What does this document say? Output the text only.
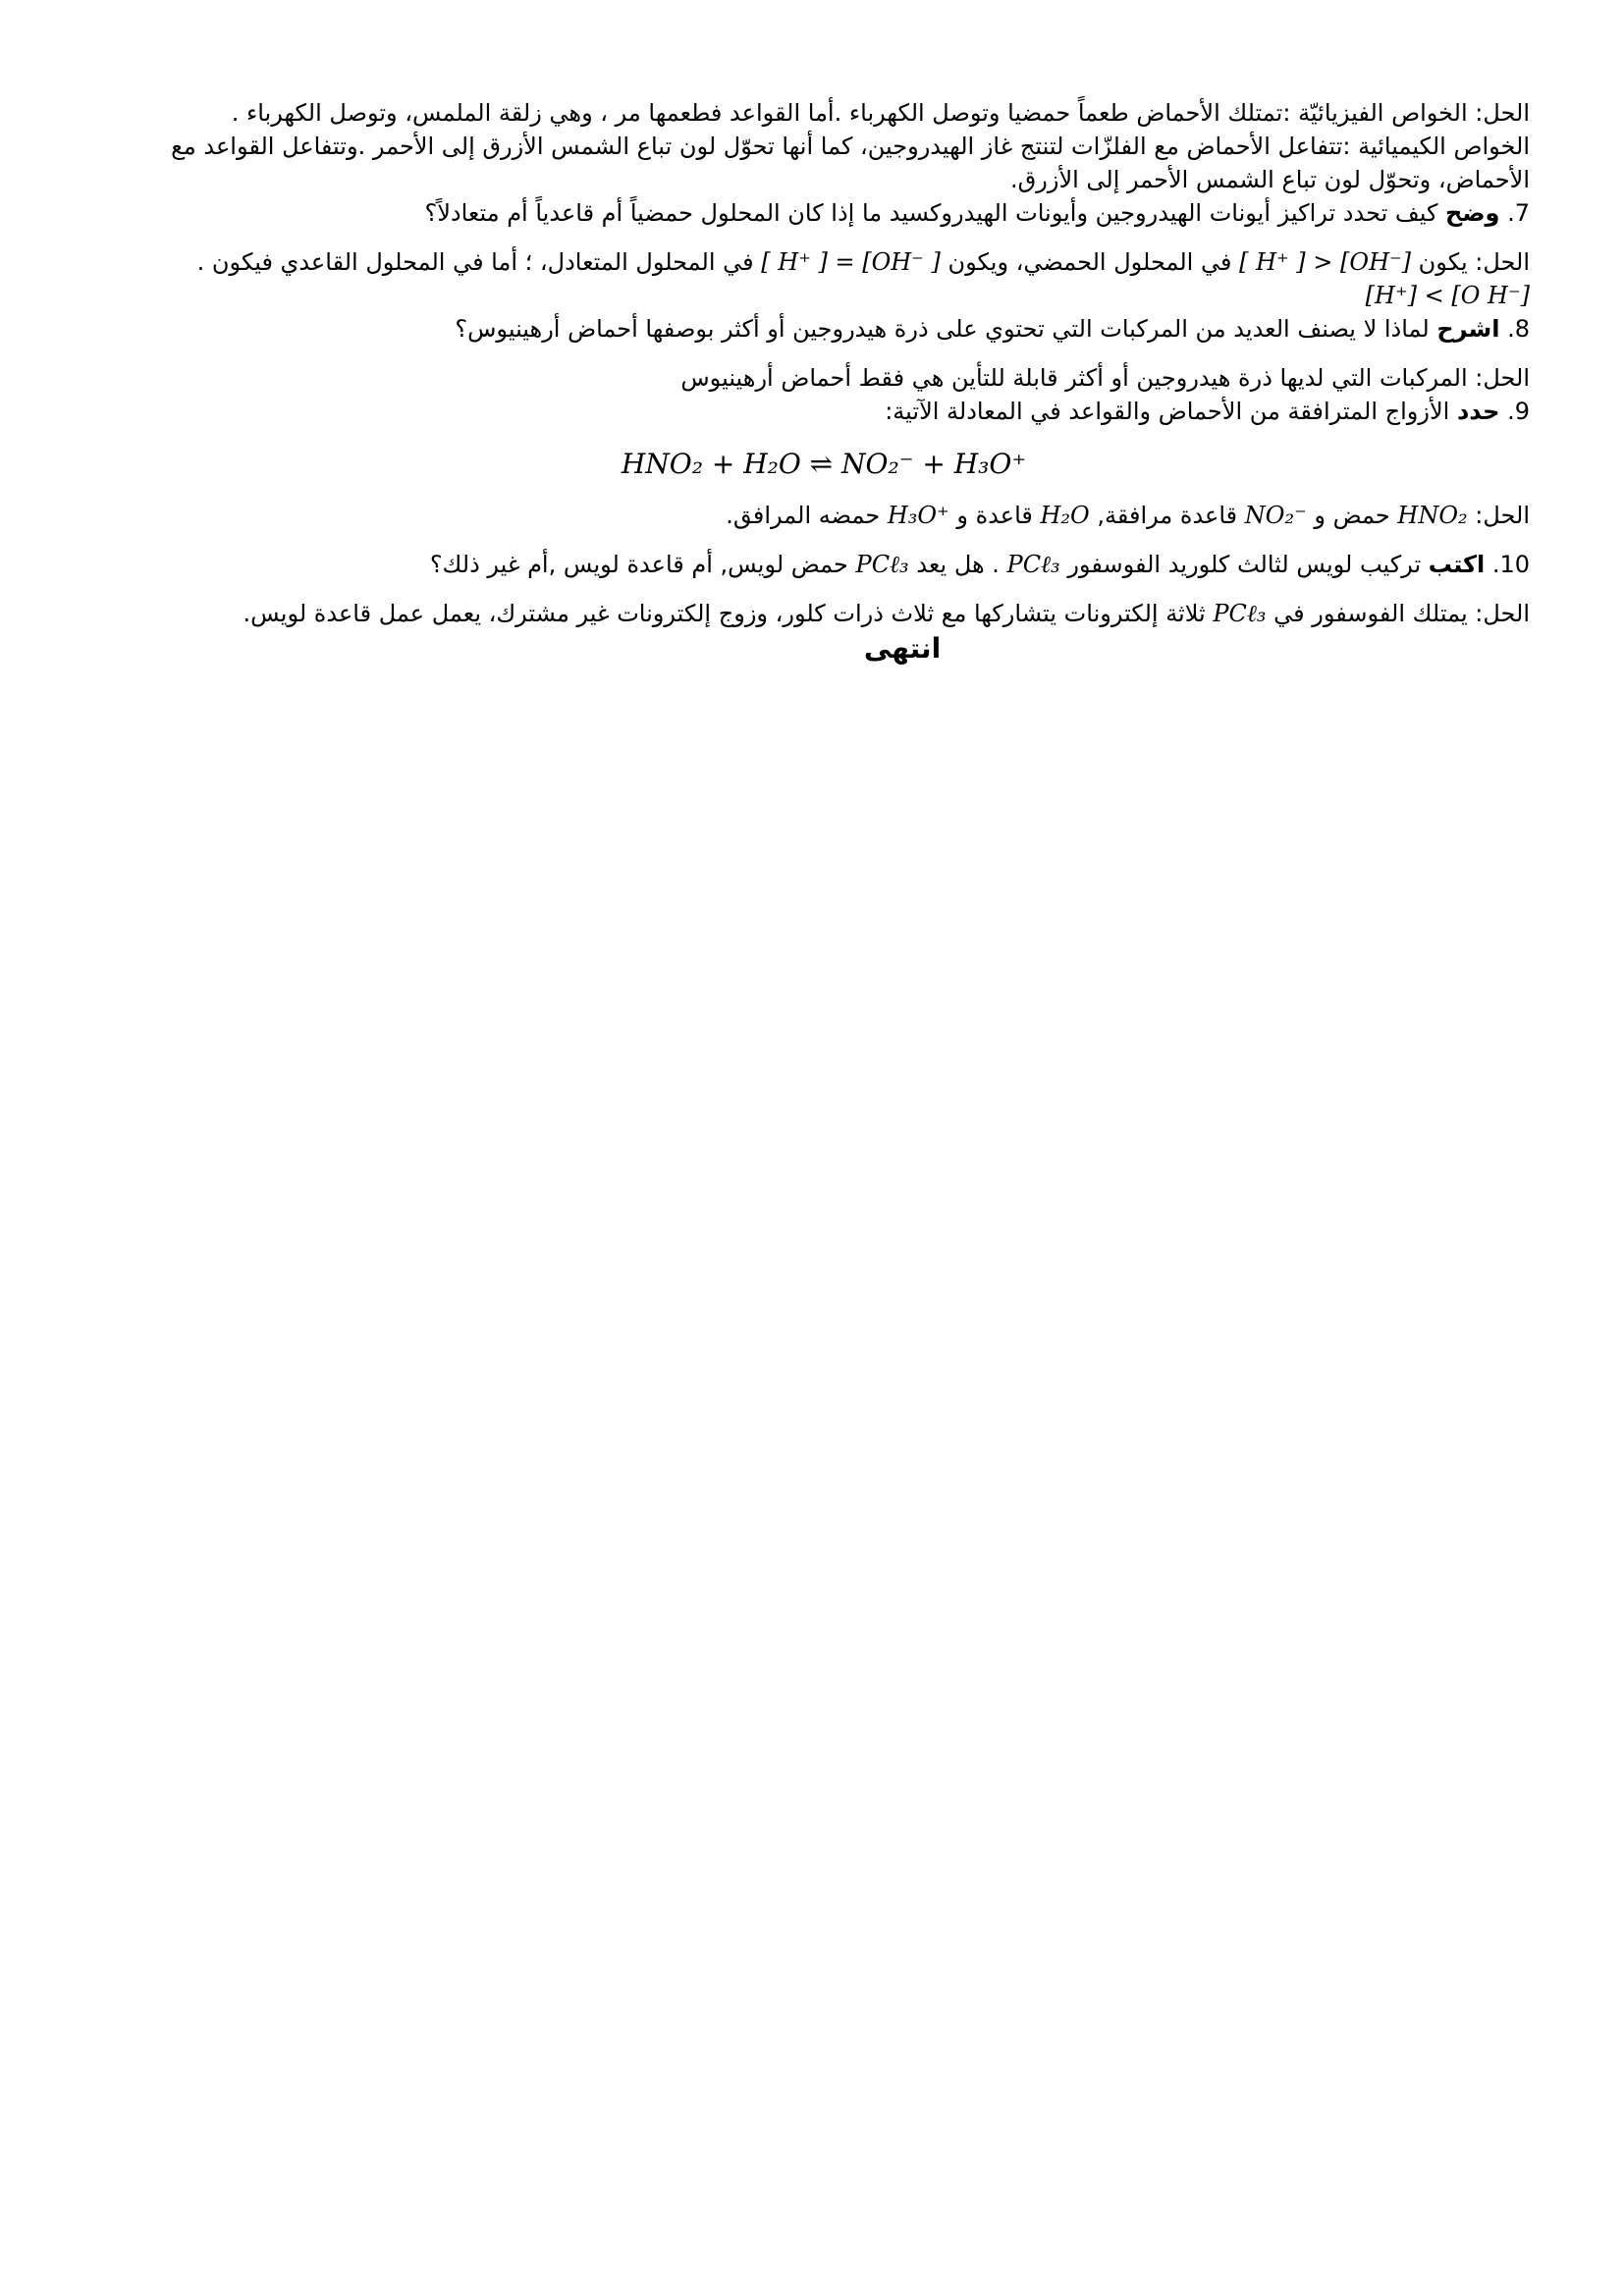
الحل: الخواص الفيزيائيّة :تمتلك الأحماض طعماً حمضيا وتوصل الكهرباء .أما القواعد فطعمها مر ، وهي زلقة الملمس، وتوصل الكهرباء .

الخواص الكيميائية :تتفاعل الأحماض مع الفلزّات لتنتج غاز الهيدروجين، كما أنها تحوّل لون تباع الشمس الأزرق إلى الأحمر .وتتفاعل القواعد مع الأحماض، وتحوّل لون تباع الشمس الأحمر إلى الأزرق.

7. وضح كيف تحدد تراكيز أيونات الهيدروجين وأيونات الهيدروكسيد ما إذا كان المحلول حمضياً أم قاعدياً أم متعادلاً؟

الحل: يكون [ H⁺ ] > [OH⁻] في المحلول الحمضي، ويكون [ H⁺ ] = [OH⁻ ] في المحلول المتعادل، ؛ أما في المحلول القاعدي فيكون .
[H⁺] < [O H⁻]

8. اشرح لماذا لا يصنف العديد من المركبات التي تحتوي على ذرة هيدروجين أو أكثر بوصفها أحماض أرهينيوس؟

الحل: المركبات التي لديها ذرة هيدروجين أو أكثر قابلة للتأين هي فقط أحماض أرهينيوس

9. حدد الأزواج المترافقة من الأحماض والقواعد في المعادلة الآتية:

HNO₂ + H₂O ⇌ NO₂⁻ + H₃O⁺

الحل: HNO₂ حمض و NO₂⁻ قاعدة مرافقة, H₂O قاعدة و H₃O⁺ حمضه المرافق.

10. اكتب تركيب لويس لثالث كلوريد الفوسفور PCℓ₃ . هل يعد PCℓ₃ حمض لويس, أم قاعدة لويس ,أم غير ذلك؟

الحل: يمتلك الفوسفور في PCℓ₃ ثلاثة إلكترونات يتشاركها مع ثلاث ذرات كلور، وزوج إلكترونات غير مشترك، يعمل عمل قاعدة لويس.

انتهى
